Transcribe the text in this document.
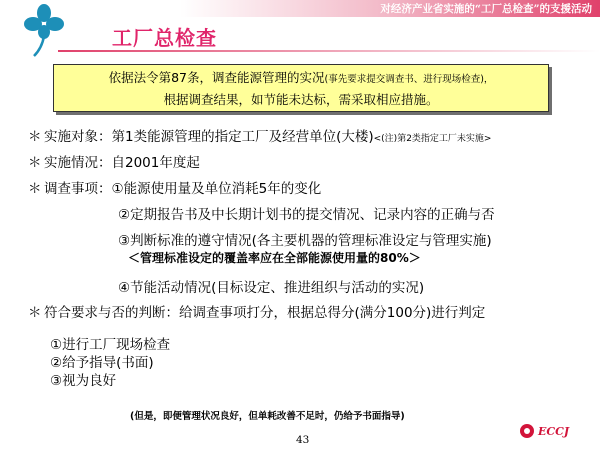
对经济产业省实施的“工厂总检查”的支援活动
工厂总检查
依据法令第87条，调查能源管理的实况(事先要求提交调查书、进行现场检查)，
根据调查结果，如节能未达标，需采取相应措施。
＊ 实施对象：第1类能源管理的指定工厂及经营单位(大楼)<(注)第2类指定工厂未实施>
＊ 实施情况：自2001年度起
＊ 调查事项：①能源使用量及单位消耗5年的变化
②定期报告书及中长期计划书的提交情况、记录内容的正确与否
③判断标准的遵守情况(各主要机器的管理标准设定与管理实施)
＜管理标准设定的覆盖率应在全部能源使用量的80%＞
④节能活动情况(目标设定、推进组织与活动的实况)
＊ 符合要求与否的判断：给调查事项打分，根据总得分(满分100分)进行判定
①进行工厂现场检查
②给予指导(书面)
③视为良好
(但是，即便管理状况良好，但单耗改善不足时，仍给予书面指导)
43
ECCJ
